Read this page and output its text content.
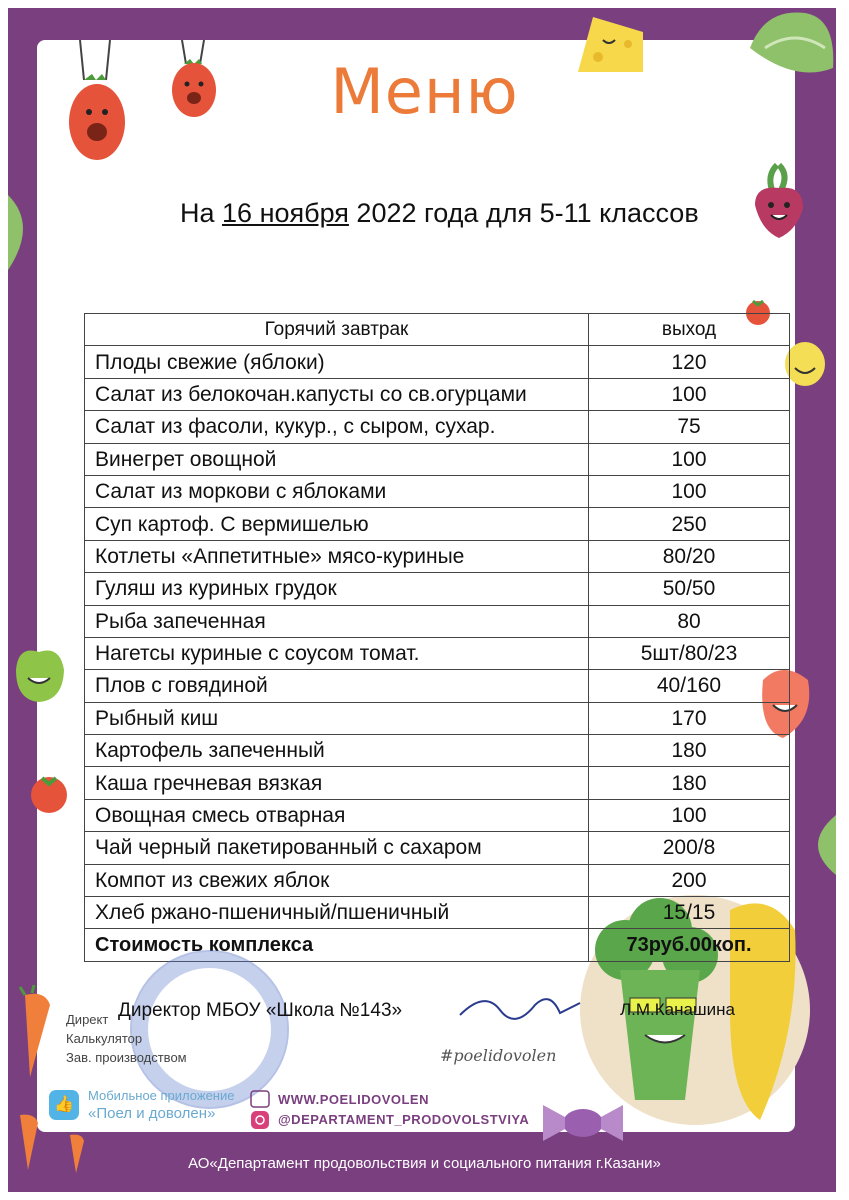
Меню
На 16 ноября 2022 года для 5-11 классов
Горячий завтрак	выход
Плоды свежие (яблоки)	120
Салат из белокочан.капусты со св.огурцами	100
Салат из фасоли, кукур., с сыром, сухар.	75
Винегрет овощной	100
Салат из моркови с яблоками	100
Суп картоф. С вермишелью	250
Котлеты «Аппетитные» мясо-куриные	80/20
Гуляш из куриных грудок	50/50
Рыба запеченная	80
Нагетсы куриные с соусом томат.	5шт/80/23
Плов с говядиной	40/160
Рыбный киш	170
Картофель запеченный	180
Каша гречневая вязкая	180
Овощная смесь отварная	100
Чай черный пакетированный с сахаром	200/8
Компот из свежих яблок	200
Хлеб ржано-пшеничный/пшеничный	15/15
Стоимость комплекса	73руб.00коп.
Директ
Калькулятор
Зав. производством
Директор МБОУ «Школа №143»	Л.М.Канашина
#poelidovolen
👍
Мобильное приложение
«Поел и доволен»
WWW.POELIDOVOLEN
@DEPARTAMENT_PRODOVOLSTVIYA
АО«Департамент продовольствия и социального питания г.Казани»
